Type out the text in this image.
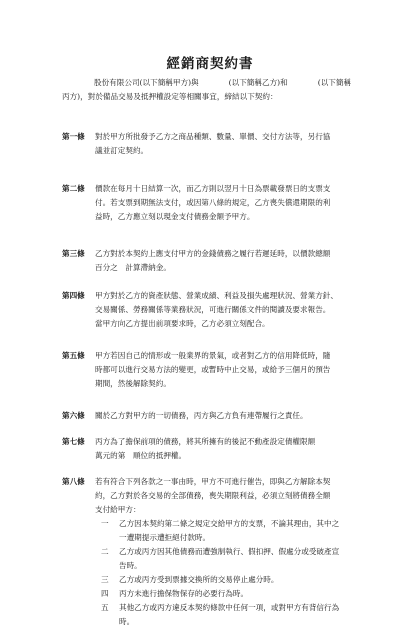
經銷商契約書
股份有限公司(以下簡稱甲方)與	(以下簡稱乙方)和	(以下簡稱
丙方)，對於備品交易及抵押權設定等相關事宜，締結以下契約：
第一條	對於甲方所批發予乙方之商品種類、數量、單價、交付方法等，另行協

議並訂定契約。

第二條	價款在每月十日結算一次，而乙方則以翌月十日為票載發票日的支票支

付。若支票到期無法支付，或因第八條的規定，乙方喪失償還期限的利

益時，乙方應立刻以現金支付債務金額予甲方。

第三條	乙方對於本契約上應支付甲方的金錢債務之履行若遲延時，以價款總額

百分之　計算滯納金。

第四條	甲方對於乙方的資產狀態、營業成績、利益及損失處理狀況、營業方針、

交易關係、勞務關係等業務狀況，可進行關係文件的閱讀及要求報告。

當甲方向乙方提出前項要求時，乙方必須立刻配合。

第五條	甲方若因自己的情形或一般業界的景氣，或者對乙方的信用降低時，隨

時都可以進行交易方法的變更，或暫時中止交易，或給予三個月的預告

期間，然後解除契約。

第六條	關於乙方對甲方的一切債務，丙方與乙方負有連帶履行之責任。

第七條	丙方為了擔保前項的債務，將其所擁有的後記不動產設定債權限額

萬元的第　順位的抵押權。

第八條	若有符合下列各款之一事由時，甲方不可進行催告，即與乙方解除本契

約，乙方對於各交易的全部債務，喪失期限利益，必須立刻將債務全額

支付給甲方：

一 乙方因本契約第二條之規定交給甲方的支票，不論其理由，其中之
一遭期提示遭拒絕付款時。
二 乙方或丙方因其他債務而遭強制執行、假扣押、假處分或受破產宣
告時。
三 乙方或丙方受到票據交換所的交易停止處分時。
四 丙方未進行擔保物保存的必要行為時。
五 其他乙方或丙方違反本契約條款中任何一項，或對甲方有背信行為
時。
